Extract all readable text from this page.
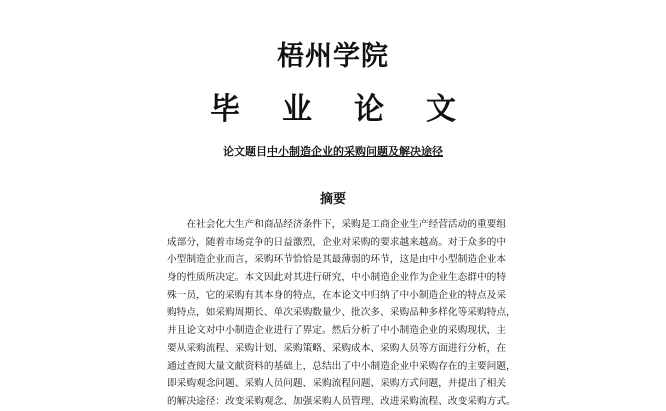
梧州学院
毕业论文
论文题目中小制造企业的采购问题及解决途径
摘要
　　在社会化大生产和商品经济条件下，采购是工商企业生产经营活动的重要组
成部分，随着市场竞争的日益激烈，企业对采购的要求越来越高。对于众多的中
小型制造企业而言，采购环节恰恰是其最薄弱的环节，这是由中小型制造企业本
身的性质所决定。本文因此对其进行研究，中小制造企业作为企业生态群中的特
殊一员，它的采购有其本身的特点，在本论文中归纳了中小制造企业的特点及采
购特点，如采购周期长、单次采购数量少、批次多、采购品种多样化等采购特点，
并且论文对中小制造企业进行了界定。然后分析了中小制造企业的采购现状，主
要从采购流程、采购计划、采购策略、采购成本、采购人员等方面进行分析，在
通过查阅大量文献资料的基础上，总结出了中小制造企业中采购存在的主要问题，
即采购观念问题、采购人员问题、采购流程问题、采购方式问题，并提出了相关
的解决途径：改变采购观念、加强采购人员管理、改进采购流程、改变采购方式。
